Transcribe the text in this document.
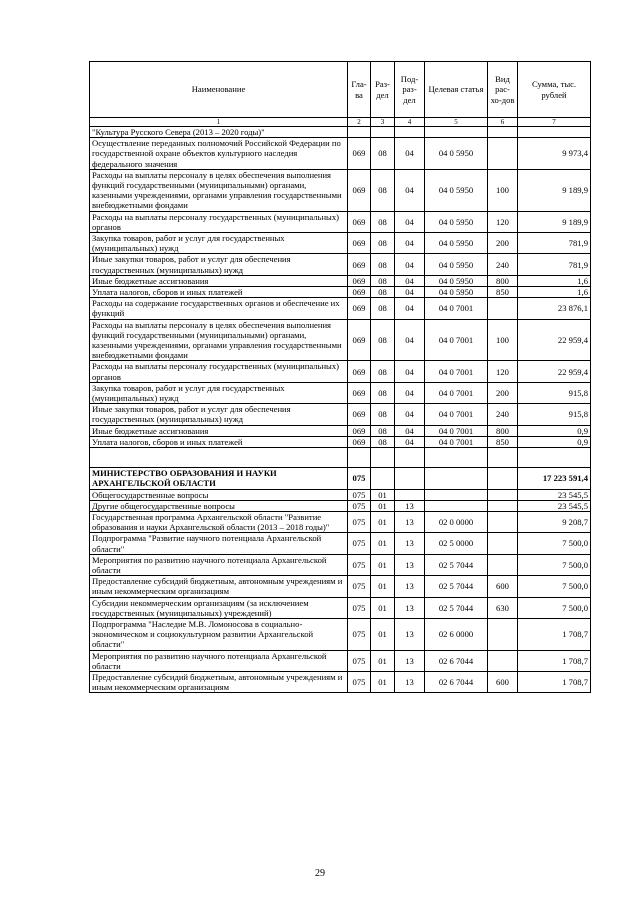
Наименование	Гла-ва	Раз-дел	Под-раз-дел	Целевая статья	Вид рас-хо-дов	Сумма, тыс. рублей
1	2	3	4	5	6	7
"Культура Русского Севера (2013 – 2020 годы)"						
Осуществление переданных полномочий Российской Федерации по государственной охране объектов культурного наследия федерального значения	069	08	04	04 0 5950		9 973,4
Расходы на выплаты персоналу в целях обеспечения выполнения функций государственными (муниципальными) органами, казенными учреждениями, органами управления государственными внебюджетными фондами	069	08	04	04 0 5950	100	9 189,9
Расходы на выплаты персоналу государственных (муниципальных) органов	069	08	04	04 0 5950	120	9 189,9
Закупка товаров, работ и услуг для государственных (муниципальных) нужд	069	08	04	04 0 5950	200	781,9
Иные закупки товаров, работ и услуг для обеспечения государственных (муниципальных) нужд	069	08	04	04 0 5950	240	781,9
Иные бюджетные ассигнования	069	08	04	04 0 5950	800	1,6
Уплата налогов, сборов и иных платежей	069	08	04	04 0 5950	850	1,6
Расходы на содержание государственных органов и обеспечение их функций	069	08	04	04 0 7001		23 876,1
Расходы на выплаты персоналу в целях обеспечения выполнения функций государственными (муниципальными) органами, казенными учреждениями, органами управления государственными внебюджетными фондами	069	08	04	04 0 7001	100	22 959,4
Расходы на выплаты персоналу государственных (муниципальных) органов	069	08	04	04 0 7001	120	22 959,4
Закупка товаров, работ и услуг для государственных (муниципальных) нужд	069	08	04	04 0 7001	200	915,8
Иные закупки товаров, работ и услуг для обеспечения государственных (муниципальных) нужд	069	08	04	04 0 7001	240	915,8
Иные бюджетные ассигнования	069	08	04	04 0 7001	800	0,9
Уплата налогов, сборов и иных платежей	069	08	04	04 0 7001	850	0,9

МИНИСТЕРСТВО ОБРАЗОВАНИЯ И НАУКИ АРХАНГЕЛЬСКОЙ ОБЛАСТИ	075					17 223 591,4
Общегосударственные вопросы	075	01				23 545,5
Другие общегосударственные вопросы	075	01	13			23 545,5
Государственная программа Архангельской области "Развитие образования и науки Архангельской области (2013 – 2018 годы)"	075	01	13	02 0 0000		9 208,7
Подпрограмма "Развитие научного потенциала Архангельской области"	075	01	13	02 5 0000		7 500,0
Мероприятия по развитию научного потенциала Архангельской области	075	01	13	02 5 7044		7 500,0
Предоставление субсидий бюджетным, автономным учреждениям и иным некоммерческим организациям	075	01	13	02 5 7044	600	7 500,0
Субсидии некоммерческим организациям (за исключением государственных (муниципальных) учреждений)	075	01	13	02 5 7044	630	7 500,0
Подпрограмма "Наследие М.В. Ломоносова в социально-экономическом и социокультурном развитии Архангельской области"	075	01	13	02 6 0000		1 708,7
Мероприятия по развитию научного потенциала Архангельской области	075	01	13	02 6 7044		1 708,7
Предоставление субсидий бюджетным, автономным учреждениям и иным некоммерческим организациям	075	01	13	02 6 7044	600	1 708,7
29
